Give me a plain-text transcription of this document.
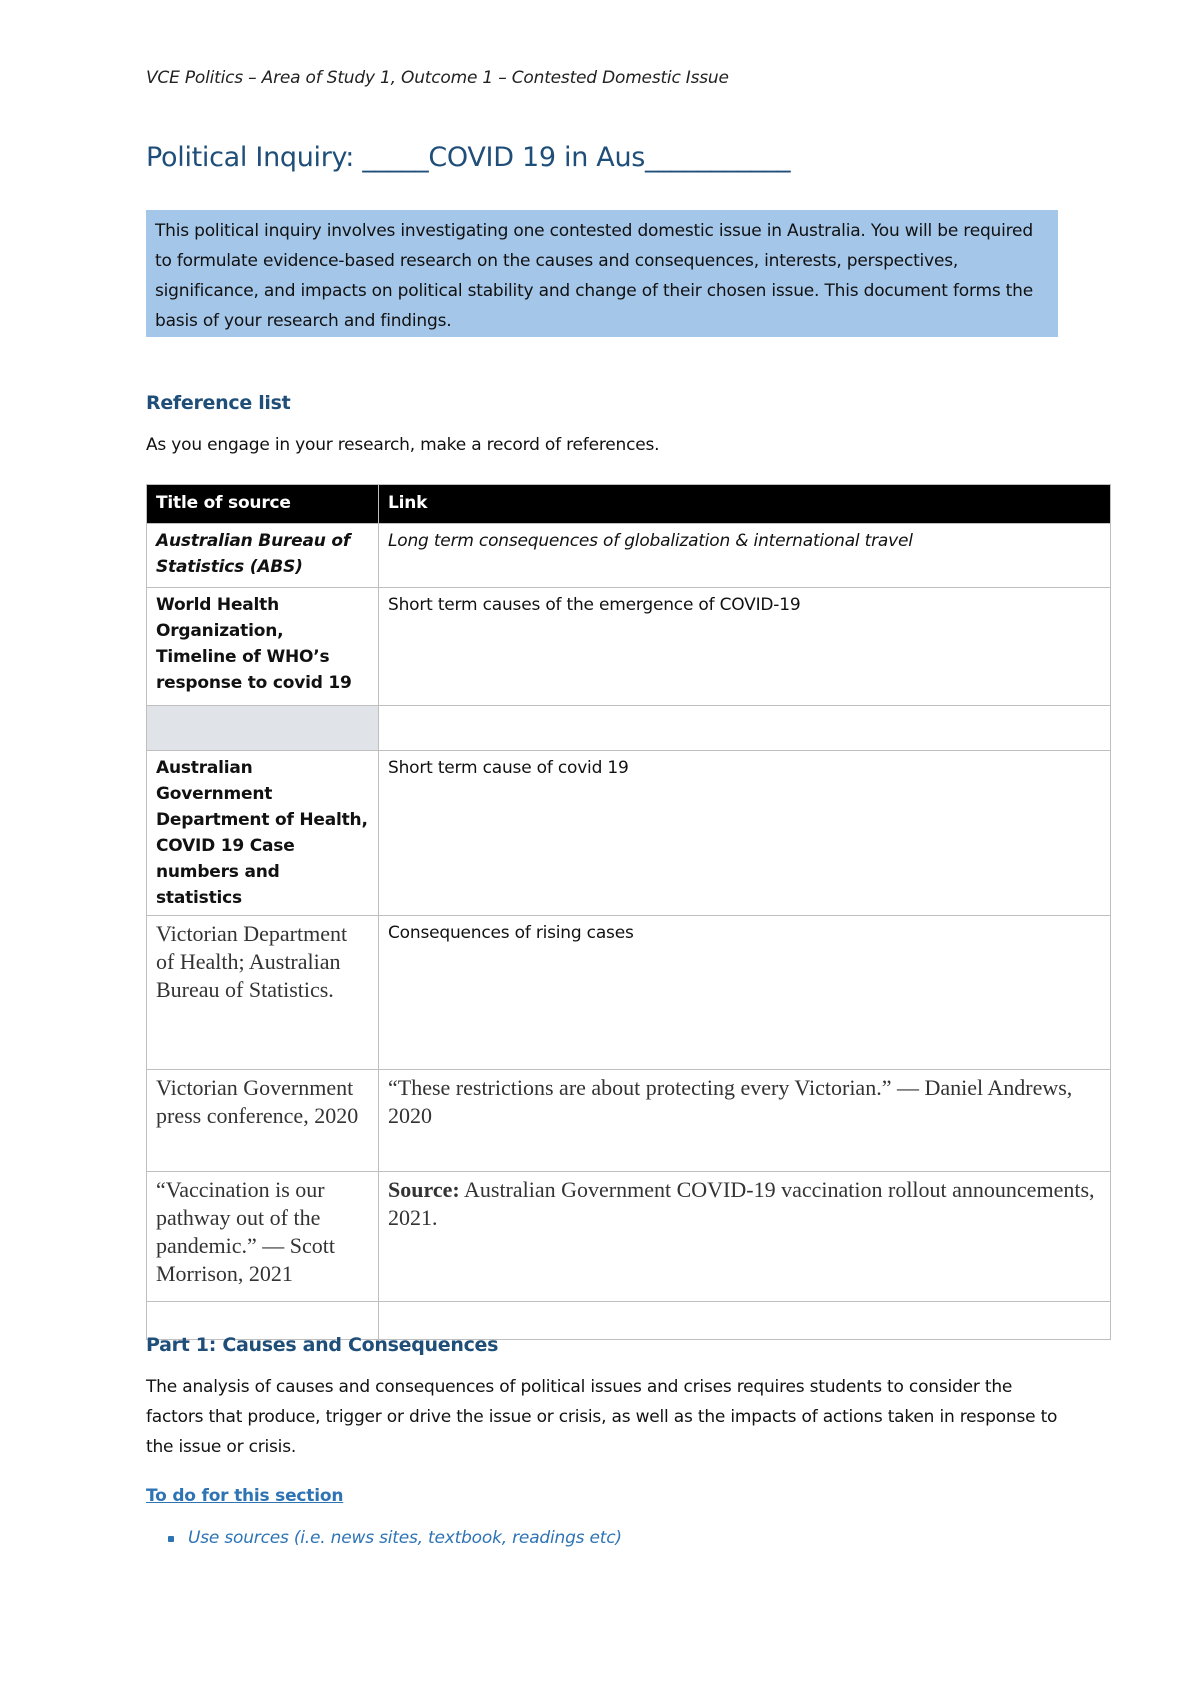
VCE Politics – Area of Study 1, Outcome 1 – Contested Domestic Issue
Political Inquiry: _____COVID 19 in Aus___________
This political inquiry involves investigating one contested domestic issue in Australia. You will be required to formulate evidence-based research on the causes and consequences, interests, perspectives, significance, and impacts on political stability and change of their chosen issue. This document forms the basis of your research and findings.
Reference list
As you engage in your research, make a record of references.
Title of source	Link
Australian Bureau of Statistics (ABS)	Long term consequences of globalization & international travel
World Health Organization, Timeline of WHO’s response to covid 19	Short term causes of the emergence of COVID-19

Australian Government Department of Health, COVID 19 Case numbers and statistics	Short term cause of covid 19
Victorian Department of Health; Australian Bureau of Statistics.	Consequences of rising cases
Victorian Government press conference, 2020	“These restrictions are about protecting every Victorian.” — Daniel Andrews, 2020
“Vaccination is our pathway out of the pandemic.” — Scott Morrison, 2021	Source: Australian Government COVID-19 vaccination rollout announcements, 2021.

Part 1: Causes and Consequences
The analysis of causes and consequences of political issues and crises requires students to consider the factors that produce, trigger or drive the issue or crisis, as well as the impacts of actions taken in response to the issue or crisis.
To do for this section
Use sources (i.e. news sites, textbook, readings etc)
